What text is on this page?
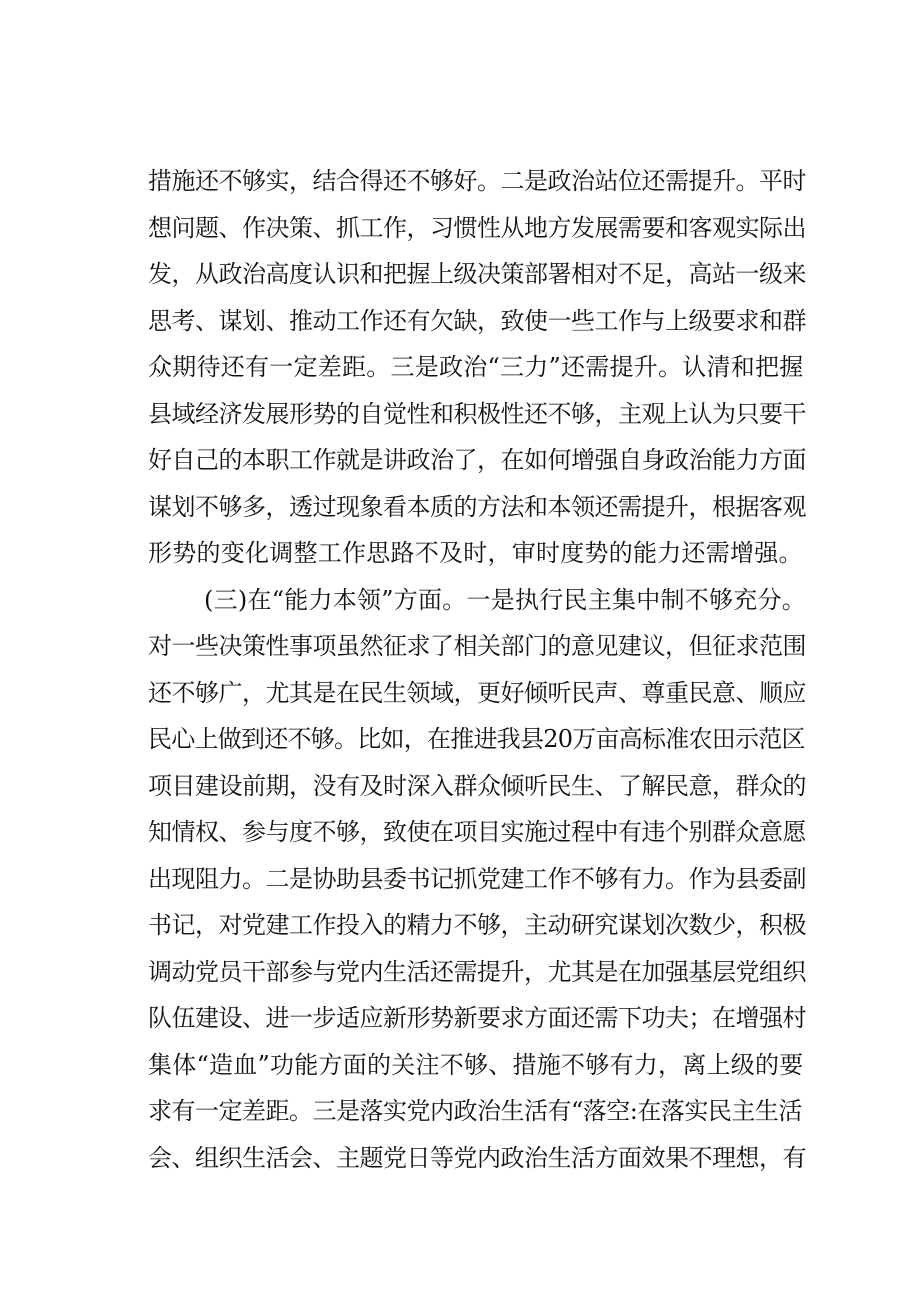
措施还不够实，结合得还不够好。二是政治站位还需提升。平时
想问题、作决策、抓工作，习惯性从地方发展需要和客观实际出
发，从政治高度认识和把握上级决策部署相对不足，高站一级来
思考、谋划、推动工作还有欠缺，致使一些工作与上级要求和群
众期待还有一定差距。三是政治“三力”还需提升。认清和把握
县域经济发展形势的自觉性和积极性还不够，主观上认为只要干
好自己的本职工作就是讲政治了，在如何增强自身政治能力方面
谋划不够多，透过现象看本质的方法和本领还需提升，根据客观
形势的变化调整工作思路不及时，审时度势的能力还需增强。
(三)在“能力本领”方面。一是执行民主集中制不够充分。
对一些决策性事项虽然征求了相关部门的意见建议，但征求范围
还不够广，尤其是在民生领域，更好倾听民声、尊重民意、顺应
民心上做到还不够。比如，在推进我县20万亩高标准农田示范区
项目建设前期，没有及时深入群众倾听民生、了解民意，群众的
知情权、参与度不够，致使在项目实施过程中有违个别群众意愿
出现阻力。二是协助县委书记抓党建工作不够有力。作为县委副
书记，对党建工作投入的精力不够，主动研究谋划次数少，积极
调动党员干部参与党内生活还需提升，尤其是在加强基层党组织
队伍建设、进一步适应新形势新要求方面还需下功夫；在增强村
集体“造血”功能方面的关注不够、措施不够有力，离上级的要
求有一定差距。三是落实党内政治生活有“落空:在落实民主生活
会、组织生活会、主题党日等党内政治生活方面效果不理想，有
